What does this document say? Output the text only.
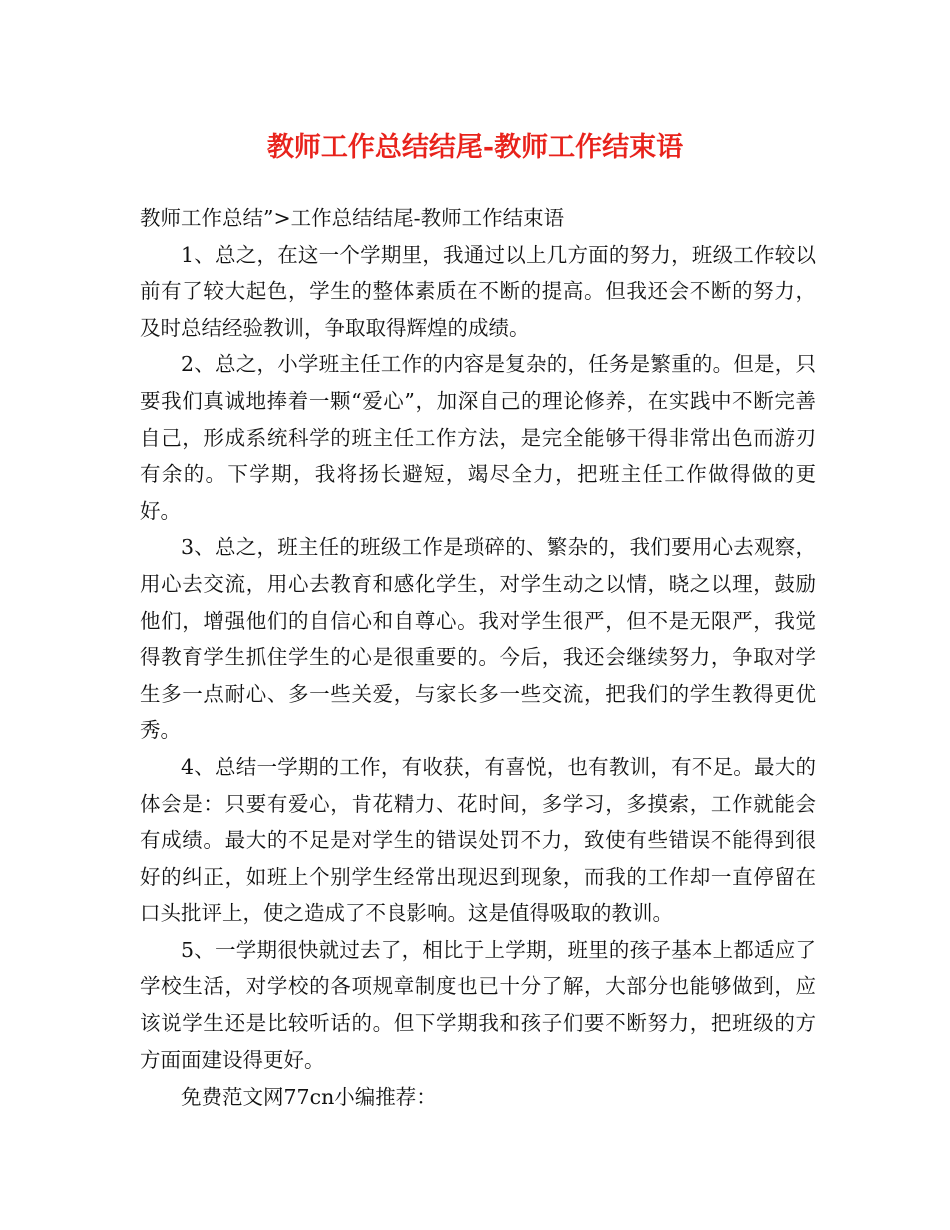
教师工作总结结尾-教师工作结束语

教师工作总结”>工作总结结尾-教师工作结束语

1、总之，在这一个学期里，我通过以上几方面的努力，班级工作较以前有了较大起色，学生的整体素质在不断的提高。但我还会不断的努力，及时总结经验教训，争取取得辉煌的成绩。

2、总之，小学班主任工作的内容是复杂的，任务是繁重的。但是，只要我们真诚地捧着一颗“爱心”，加深自己的理论修养，在实践中不断完善自己，形成系统科学的班主任工作方法，是完全能够干得非常出色而游刃有余的。下学期，我将扬长避短，竭尽全力，把班主任工作做得做的更好。

3、总之，班主任的班级工作是琐碎的、繁杂的，我们要用心去观察，用心去交流，用心去教育和感化学生，对学生动之以情，晓之以理，鼓励他们，增强他们的自信心和自尊心。我对学生很严，但不是无限严，我觉得教育学生抓住学生的心是很重要的。今后，我还会继续努力，争取对学生多一点耐心、多一些关爱，与家长多一些交流，把我们的学生教得更优秀。

4、总结一学期的工作，有收获，有喜悦，也有教训，有不足。最大的体会是：只要有爱心，肯花精力、花时间，多学习，多摸索，工作就能会有成绩。最大的不足是对学生的错误处罚不力，致使有些错误不能得到很好的纠正，如班上个别学生经常出现迟到现象，而我的工作却一直停留在口头批评上，使之造成了不良影响。这是值得吸取的教训。

5、一学期很快就过去了，相比于上学期，班里的孩子基本上都适应了学校生活，对学校的各项规章制度也已十分了解，大部分也能够做到，应该说学生还是比较听话的。但下学期我和孩子们要不断努力，把班级的方方面面建设得更好。

免费范文网77cn小编推荐：
